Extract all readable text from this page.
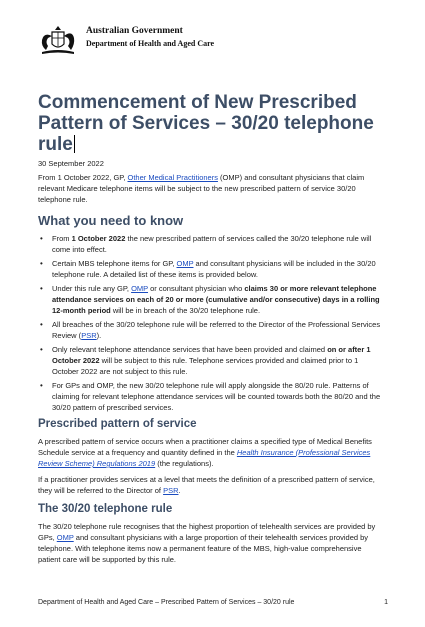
Australian Government
Department of Health and Aged Care
Commencement of New Prescribed Pattern of Services – 30/20 telephone rule
30 September 2022

From 1 October 2022, GP, Other Medical Practitioners (OMP) and consultant physicians that claim relevant Medicare telephone items will be subject to the new prescribed pattern of service 30/20 telephone rule.

What you need to know
• From 1 October 2022 the new prescribed pattern of services called the 30/20 telephone rule will come into effect.
• Certain MBS telephone items for GP, OMP and consultant physicians will be included in the 30/20 telephone rule. A detailed list of these items is provided below.
• Under this rule any GP, OMP or consultant physician who claims 30 or more relevant telephone attendance services on each of 20 or more (cumulative and/or consecutive) days in a rolling 12-month period will be in breach of the 30/20 telephone rule.
• All breaches of the 30/20 telephone rule will be referred to the Director of the Professional Services Review (PSR).
• Only relevant telephone attendance services that have been provided and claimed on or after 1 October 2022 will be subject to this rule. Telephone services provided and claimed prior to 1 October 2022 are not subject to this rule.
• For GPs and OMP, the new 30/20 telephone rule will apply alongside the 80/20 rule. Patterns of claiming for relevant telephone attendance services will be counted towards both the 80/20 and the 30/20 pattern of prescribed services.
Prescribed pattern of service

A prescribed pattern of service occurs when a practitioner claims a specified type of Medical Benefits Schedule service at a frequency and quantity defined in the Health Insurance (Professional Services Review Scheme) Regulations 2019 (the regulations).

If a practitioner provides services at a level that meets the definition of a prescribed pattern of service, they will be referred to the Director of PSR.

The 30/20 telephone rule

The 30/20 telephone rule recognises that the highest proportion of telehealth services are provided by GPs, OMP and consultant physicians with a large proportion of their telehealth services provided by telephone. With telephone items now a permanent feature of the MBS, high-value comprehensive patient care will be supported by this rule.

Department of Health and Aged Care – Prescribed Pattern of Services – 30/20 rule	1
